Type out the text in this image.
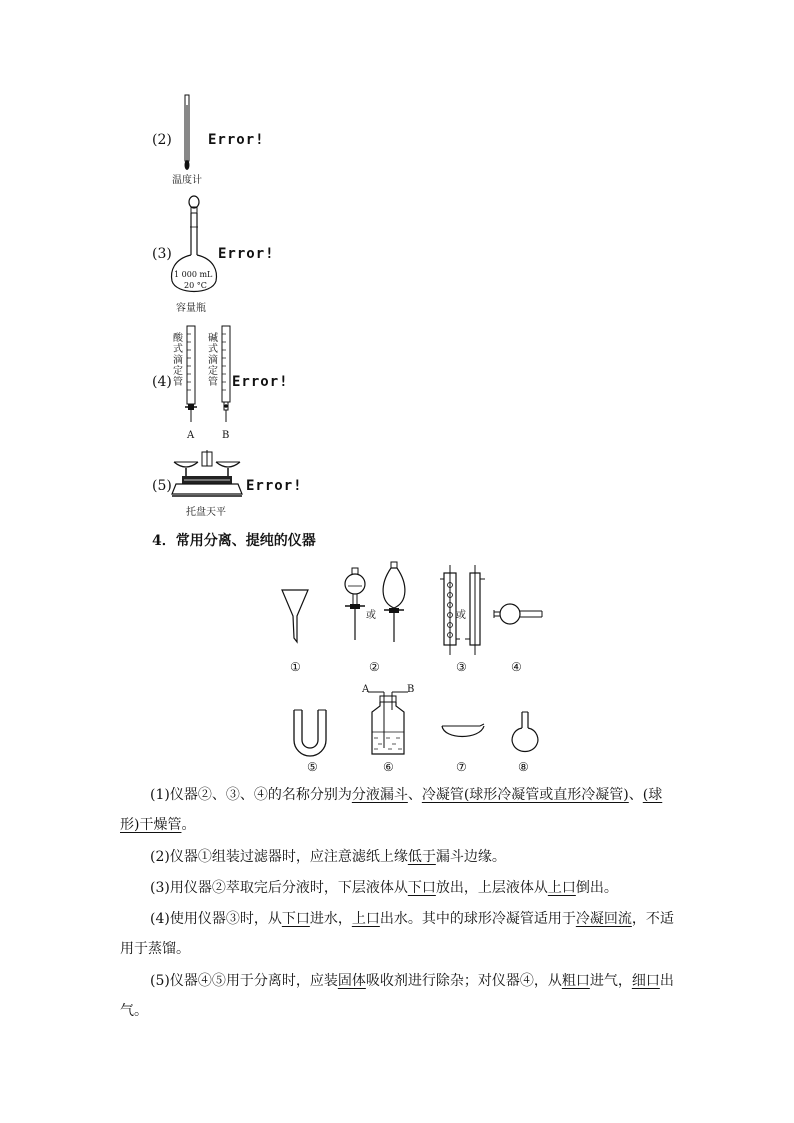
(2)	Error!
温度计
(3)
1 000 mL
20 °C
Error!
容量瓶
(4)
酸式滴定管
A
碱式滴定管
B
Error!
(5)	Error!
托盘天平
4．常用分离、提纯的仪器
①
或
②
或
③	④
⑤
A	B
⑥	⑦	⑧
(1)仪器②、③、④的名称分别为分液漏斗、冷凝管(球形冷凝管或直形冷凝管)、(球形)干燥管。
(2)仪器①组装过滤器时，应注意滤纸上缘低于漏斗边缘。
(3)用仪器②萃取完后分液时，下层液体从下口放出，上层液体从上口倒出。
(4)使用仪器③时，从下口进水，上口出水。其中的球形冷凝管适用于冷凝回流，不适用于蒸馏。
(5)仪器④⑤用于分离时，应装固体吸收剂进行除杂；对仪器④，从粗口进气，细口出气。
